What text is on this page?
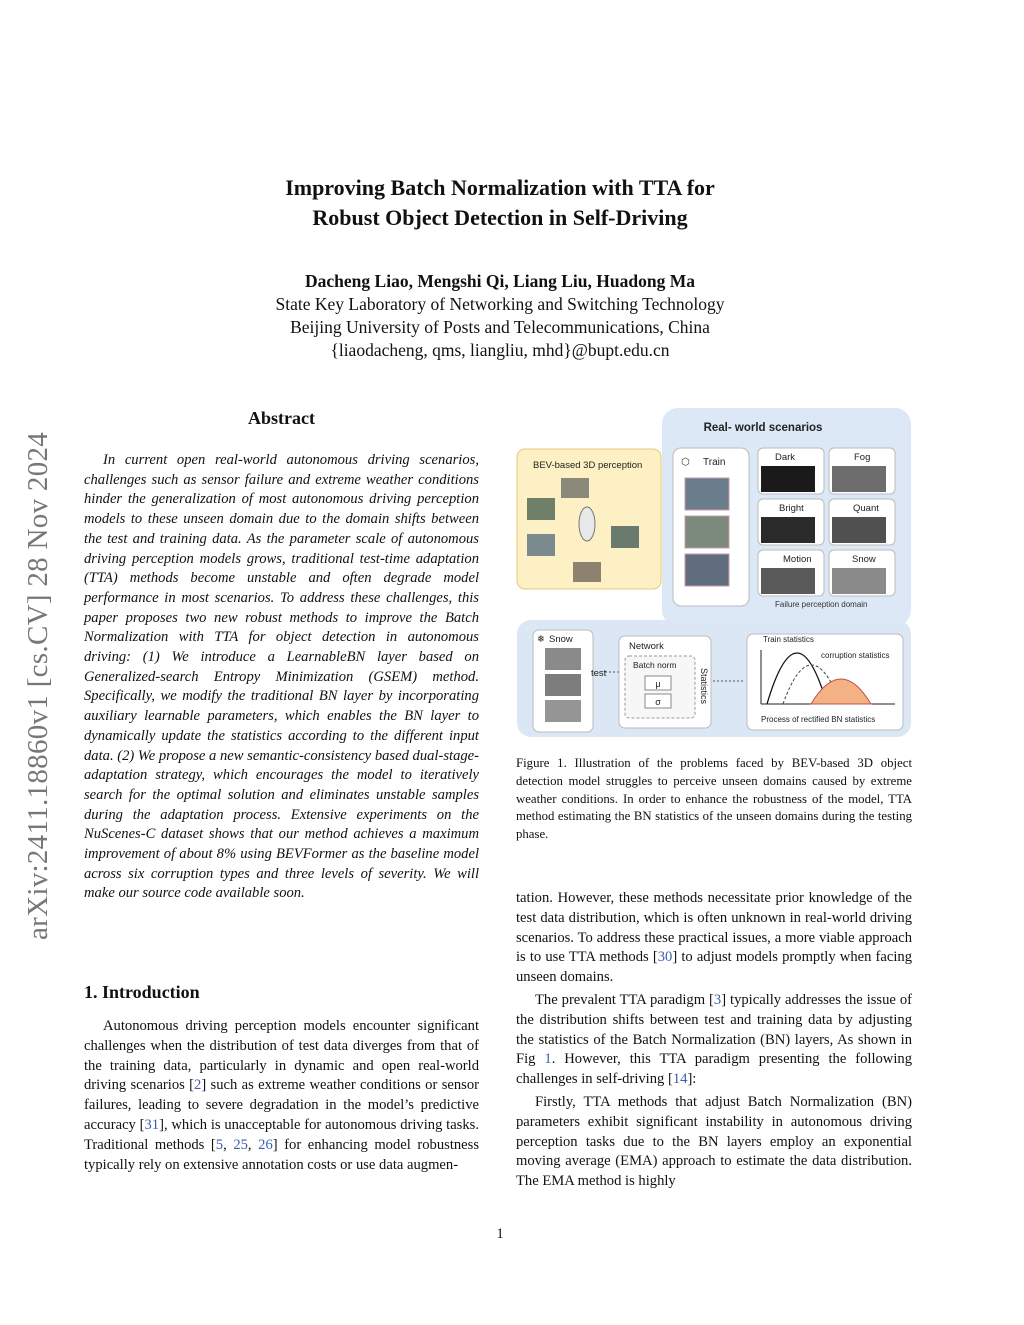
arXiv:2411.18860v1 [cs.CV] 28 Nov 2024
Improving Batch Normalization with TTA for
Robust Object Detection in Self-Driving
Dacheng Liao, Mengshi Qi, Liang Liu, Huadong Ma
State Key Laboratory of Networking and Switching Technology
Beijing University of Posts and Telecommunications, China
{liaodacheng, qms, liangliu, mhd}@bupt.edu.cn
Abstract
In current open real-world autonomous driving scenarios, challenges such as sensor failure and extreme weather conditions hinder the generalization of most autonomous driving perception models to these unseen domain due to the domain shifts between the test and training data. As the parameter scale of autonomous driving perception models grows, traditional test-time adaptation (TTA) methods become unstable and often degrade model performance in most scenarios. To address these challenges, this paper proposes two new robust methods to improve the Batch Normalization with TTA for object detection in autonomous driving: (1) We introduce a LearnableBN layer based on Generalized-search Entropy Minimization (GSEM) method. Specifically, we modify the traditional BN layer by incorporating auxiliary learnable parameters, which enables the BN layer to dynamically update the statistics according to the different input data. (2) We propose a new semantic-consistency based dual-stage-adaptation strategy, which encourages the model to iteratively search for the optimal solution and eliminates unstable samples during the adaptation process. Extensive experiments on the NuScenes-C dataset shows that our method achieves a maximum improvement of about 8% using BEVFormer as the baseline model across six corruption types and three levels of severity. We will make our source code available soon.
1. Introduction
Autonomous driving perception models encounter significant challenges when the distribution of test data diverges from that of the training data, particularly in dynamic and open real-world driving scenarios [2] such as extreme weather conditions or sensor failures, leading to severe degradation in the model’s predictive accuracy [31], which is unacceptable for autonomous driving tasks. Traditional methods [5, 25, 26] for enhancing model robustness typically rely on extensive annotation costs or use data augmen-
Real- world scenarios
⬡ Train	Dark	Fog
Bright	Quant
Motion	Snow
Failure perception domain
BEV-based 3D perception
❄ Snow
test
Network
Batch norm
μ
σ	Statistics
Train statistics
corruption statistics
Process of rectified BN statistics
Figure 1. Illustration of the problems faced by BEV-based 3D object detection model struggles to perceive unseen domains caused by extreme weather conditions. In order to enhance the robustness of the model, TTA method estimating the BN statistics of the unseen domains during the testing phase.

tation. However, these methods necessitate prior knowledge of the test data distribution, which is often unknown in real-world driving scenarios. To address these practical issues, a more viable approach is to use TTA methods [30] to adjust models promptly when facing unseen domains.

The prevalent TTA paradigm [3] typically addresses the issue of the distribution shifts between test and training data by adjusting the statistics of the Batch Normalization (BN) layers, As shown in Fig 1. However, this TTA paradigm presenting the following challenges in self-driving [14]:

Firstly, TTA methods that adjust Batch Normalization (BN) parameters exhibit significant instability in autonomous driving perception tasks due to the BN layers employ an exponential moving average (EMA) approach to estimate the data distribution. The EMA method is highly

1
